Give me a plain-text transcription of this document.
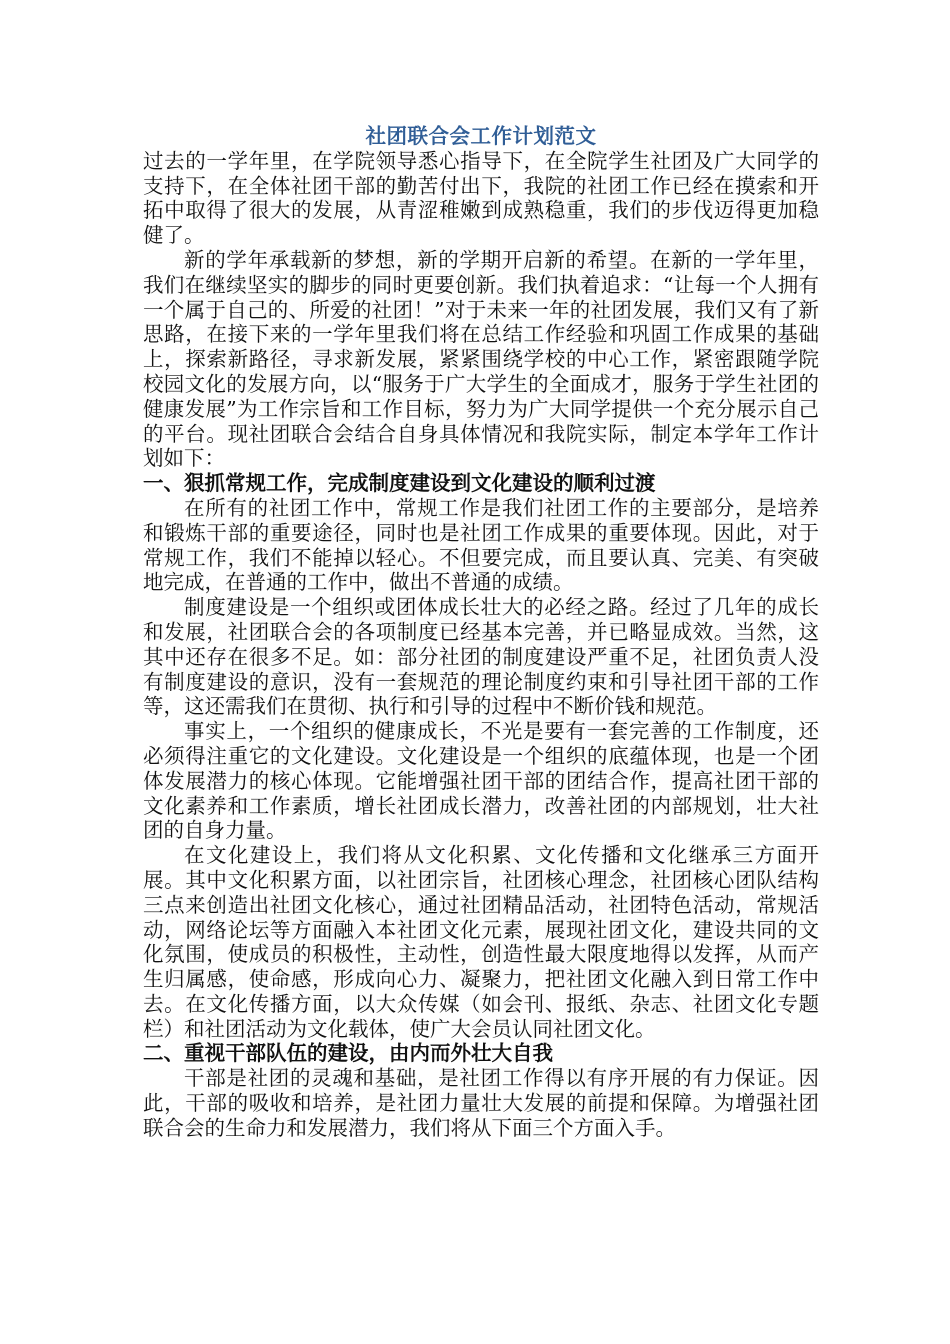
社团联合会工作计划范文

过去的一学年里，在学院领导悉心指导下，在全院学生社团及广大同学的支持下，在全体社团干部的勤苦付出下，我院的社团工作已经在摸索和开拓中取得了很大的发展，从青涩稚嫩到成熟稳重，我们的步伐迈得更加稳健了。

新的学年承载新的梦想，新的学期开启新的希望。在新的一学年里，我们在继续坚实的脚步的同时更要创新。我们执着追求：“让每一个人拥有一个属于自己的、所爱的社团！”对于未来一年的社团发展，我们又有了新思路，在接下来的一学年里我们将在总结工作经验和巩固工作成果的基础上，探索新路径，寻求新发展，紧紧围绕学校的中心工作，紧密跟随学院校园文化的发展方向，以“服务于广大学生的全面成才，服务于学生社团的健康发展”为工作宗旨和工作目标，努力为广大同学提供一个充分展示自己的平台。现社团联合会结合自身具体情况和我院实际，制定本学年工作计划如下：

一、狠抓常规工作，完成制度建设到文化建设的顺利过渡

在所有的社团工作中，常规工作是我们社团工作的主要部分，是培养和锻炼干部的重要途径，同时也是社团工作成果的重要体现。因此，对于常规工作，我们不能掉以轻心。不但要完成，而且要认真、完美、有突破地完成，在普通的工作中，做出不普通的成绩。

制度建设是一个组织或团体成长壮大的必经之路。经过了几年的成长和发展，社团联合会的各项制度已经基本完善，并已略显成效。当然，这其中还存在很多不足。如：部分社团的制度建设严重不足，社团负责人没有制度建设的意识，没有一套规范的理论制度约束和引导社团干部的工作等，这还需我们在贯彻、执行和引导的过程中不断价钱和规范。

事实上，一个组织的健康成长，不光是要有一套完善的工作制度，还必须得注重它的文化建设。文化建设是一个组织的底蕴体现，也是一个团体发展潜力的核心体现。它能增强社团干部的团结合作，提高社团干部的文化素养和工作素质，增长社团成长潜力，改善社团的内部规划，壮大社团的自身力量。

在文化建设上，我们将从文化积累、文化传播和文化继承三方面开展。其中文化积累方面，以社团宗旨，社团核心理念，社团核心团队结构三点来创造出社团文化核心，通过社团精品活动，社团特色活动，常规活动，网络论坛等方面融入本社团文化元素，展现社团文化，建设共同的文化氛围，使成员的积极性，主动性，创造性最大限度地得以发挥，从而产生归属感，使命感，形成向心力、凝聚力，把社团文化融入到日常工作中去。在文化传播方面，以大众传媒（如会刊、报纸、杂志、社团文化专题栏）和社团活动为文化载体，使广大会员认同社团文化。

二、重视干部队伍的建设，由内而外壮大自我

干部是社团的灵魂和基础，是社团工作得以有序开展的有力保证。因此，干部的吸收和培养，是社团力量壮大发展的前提和保障。为增强社团联合会的生命力和发展潜力，我们将从下面三个方面入手。
